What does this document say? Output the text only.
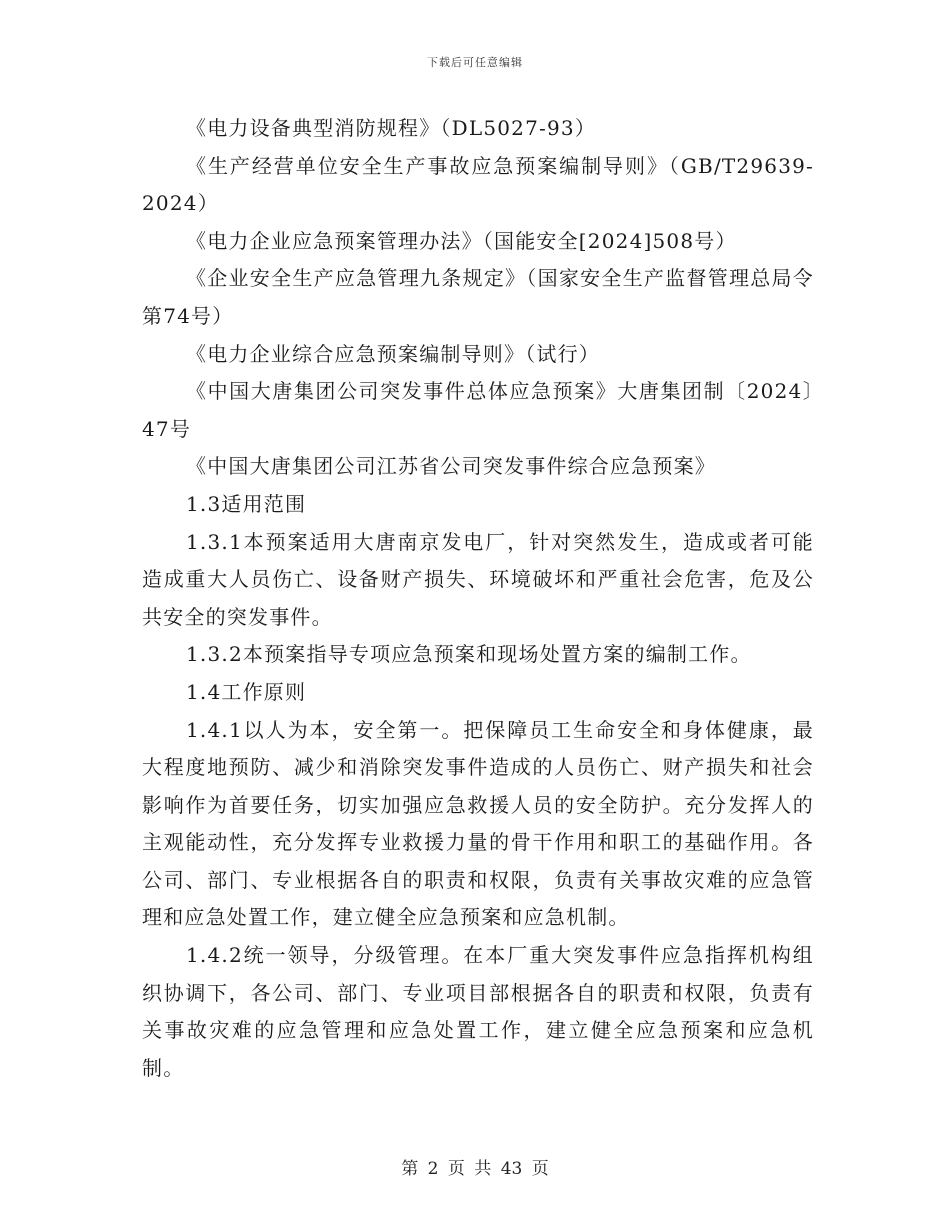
下载后可任意编辑

《电力设备典型消防规程》（DL5027-93）

《生产经营单位安全生产事故应急预案编制导则》（GB/T29639-2024）

《电力企业应急预案管理办法》（国能安全[2024]508号）

《企业安全生产应急管理九条规定》（国家安全生产监督管理总局令第74号）

《电力企业综合应急预案编制导则》（试行）

《中国大唐集团公司突发事件总体应急预案》大唐集团制〔2024〕47号

《中国大唐集团公司江苏省公司突发事件综合应急预案》

1.3适用范围

1.3.1本预案适用大唐南京发电厂，针对突然发生，造成或者可能造成重大人员伤亡、设备财产损失、环境破坏和严重社会危害，危及公共安全的突发事件。

1.3.2本预案指导专项应急预案和现场处置方案的编制工作。

1.4工作原则

1.4.1以人为本，安全第一。把保障员工生命安全和身体健康，最大程度地预防、减少和消除突发事件造成的人员伤亡、财产损失和社会影响作为首要任务，切实加强应急救援人员的安全防护。充分发挥人的主观能动性，充分发挥专业救援力量的骨干作用和职工的基础作用。各公司、部门、专业根据各自的职责和权限，负责有关事故灾难的应急管理和应急处置工作，建立健全应急预案和应急机制。

1.4.2统一领导，分级管理。在本厂重大突发事件应急指挥机构组织协调下，各公司、部门、专业项目部根据各自的职责和权限，负责有关事故灾难的应急管理和应急处置工作，建立健全应急预案和应急机制。

第 2 页 共 43 页
